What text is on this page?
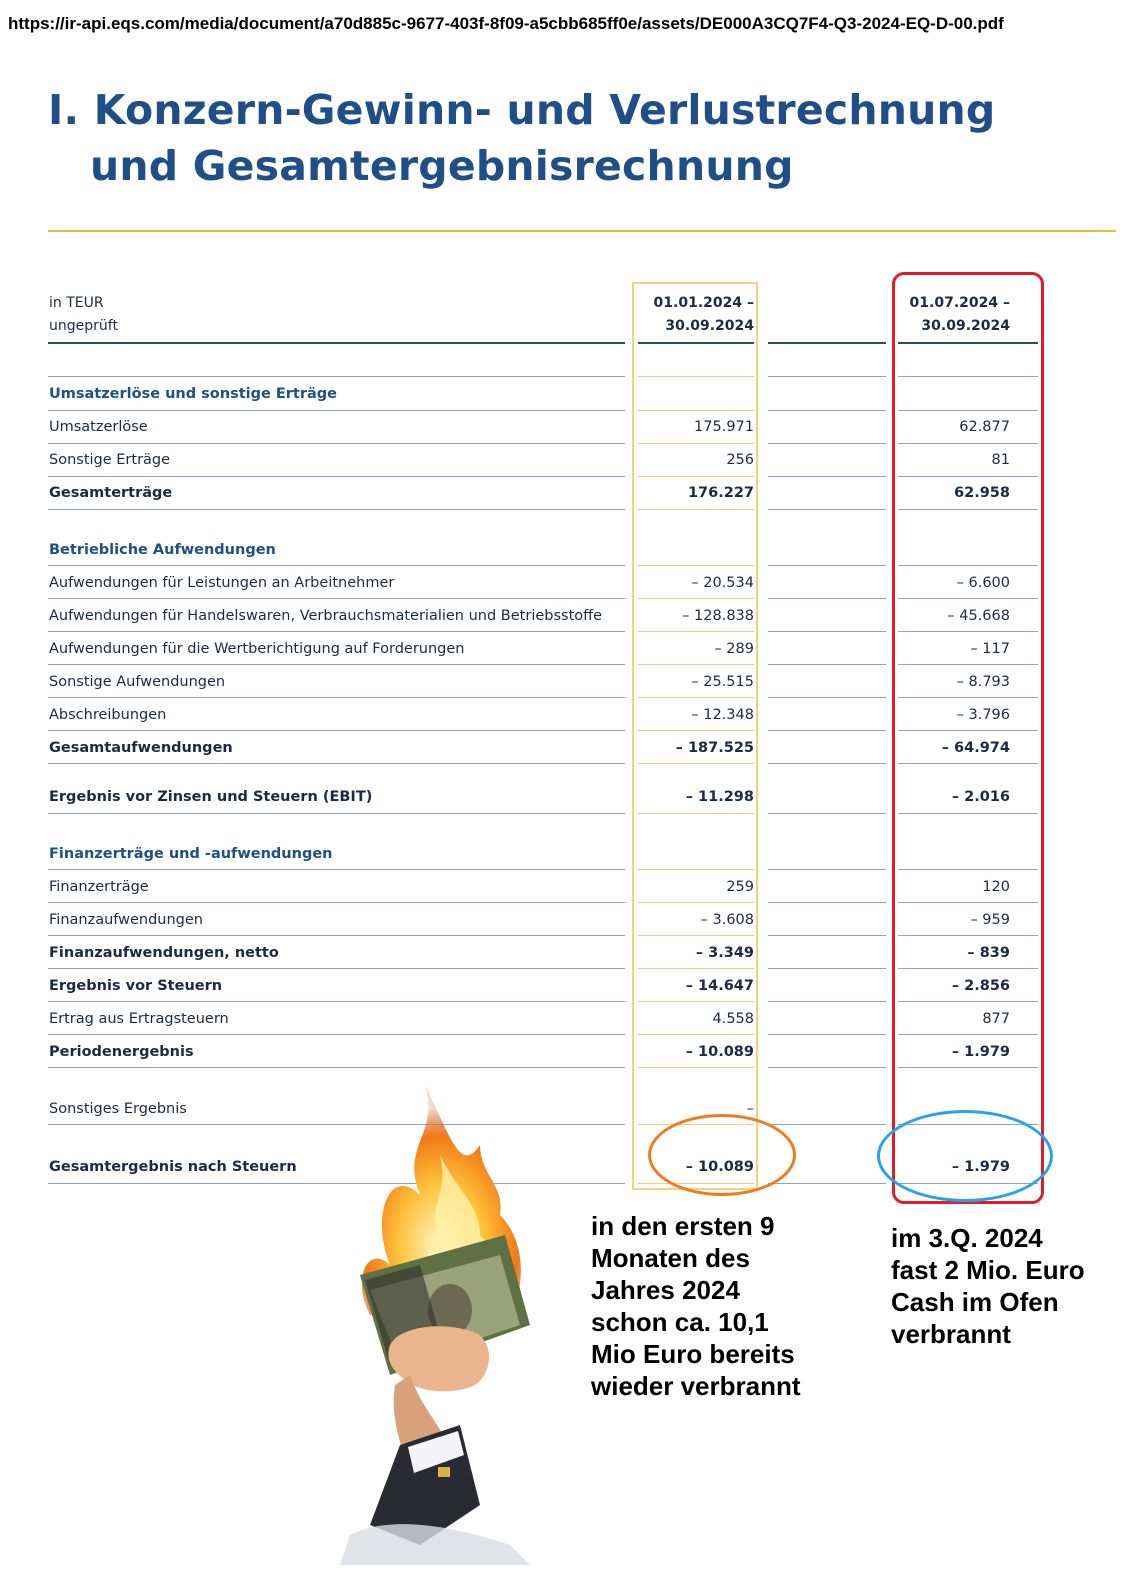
https://ir-api.eqs.com/media/document/a70d885c-9677-403f-8f09-a5cbb685ff0e/assets/DE000A3CQ7F4-Q3-2024-EQ-D-00.pdf
I. Konzern-Gewinn- und Verlustrechnung
und Gesamtergebnisrechnung
in TEUR
ungeprüft
01.01.2024 –
30.09.2024
01.07.2024 –
30.09.2024
Umsatzerlöse und sonstige Erträge
Umsatzerlöse	175.971	62.877
Sonstige Erträge	256	81
Gesamterträge	176.227	62.958
Betriebliche Aufwendungen
Aufwendungen für Leistungen an Arbeitnehmer	– 20.534	– 6.600
Aufwendungen für Handelswaren, Verbrauchsmaterialien und Betriebsstoffe	– 128.838	– 45.668
Aufwendungen für die Wertberichtigung auf Forderungen	– 289	– 117
Sonstige Aufwendungen	– 25.515	– 8.793
Abschreibungen	– 12.348	– 3.796
Gesamtaufwendungen	– 187.525	– 64.974
Ergebnis vor Zinsen und Steuern (EBIT)	– 11.298	– 2.016
Finanzerträge und -aufwendungen
Finanzerträge	259	120
Finanzaufwendungen	– 3.608	– 959
Finanzaufwendungen, netto	– 3.349	– 839
Ergebnis vor Steuern	– 14.647	– 2.856
Ertrag aus Ertragsteuern	4.558	877
Periodenergebnis	– 10.089	– 1.979
Sonstiges Ergebnis	–
Gesamtergebnis nach Steuern	– 10.089	– 1.979
in den ersten 9
Monaten des
Jahres 2024
schon ca. 10,1
Mio Euro bereits
wieder verbrannt
im 3.Q. 2024
fast 2 Mio. Euro
Cash im Ofen
verbrannt
